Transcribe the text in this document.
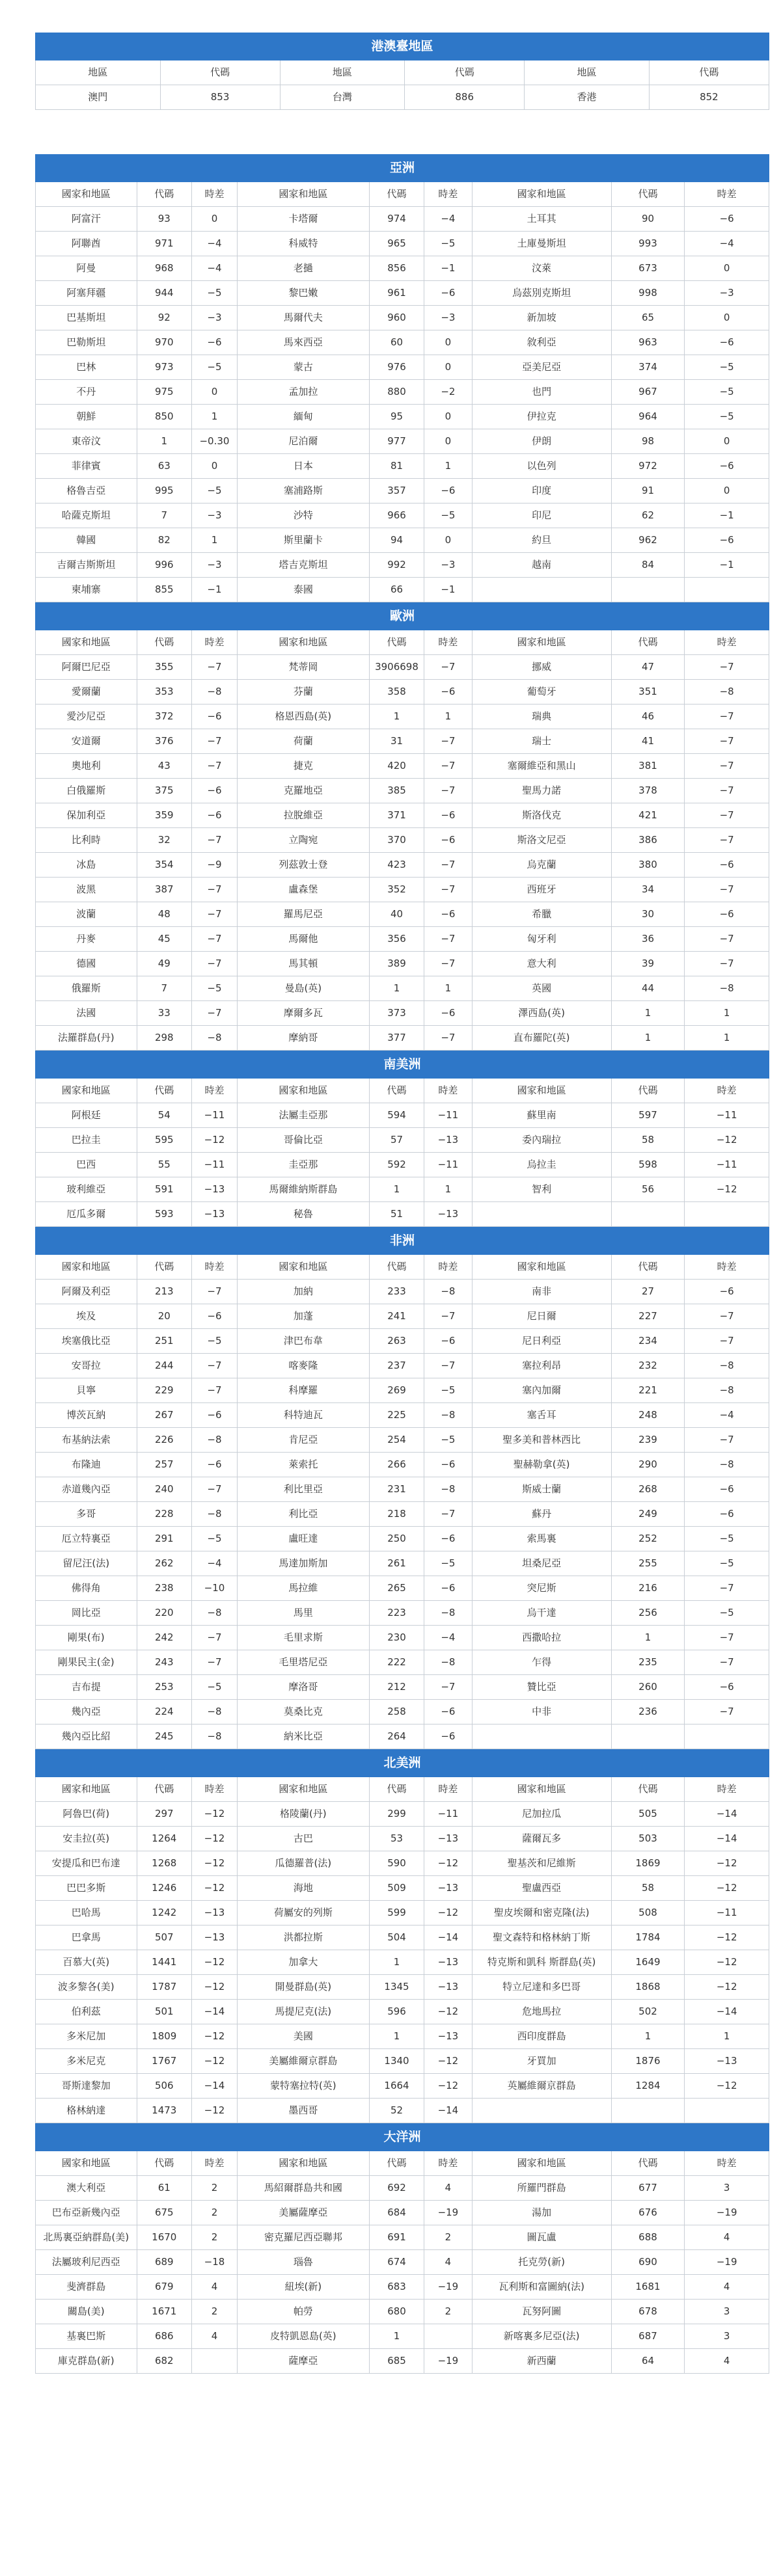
港澳臺地區					
地區	代碼	地區	代碼	地區	代碼
澳門	853	台灣	886	香港	852
亞洲								
國家和地區	代碼	時差	國家和地區	代碼	時差	國家和地區	代碼	時差
阿富汗	93	0	卡塔爾	974	−4	土耳其	90	−6
阿聯酋	971	−4	科威特	965	−5	土庫曼斯坦	993	−4
阿曼	968	−4	老撾	856	−1	汶萊	673	0
阿塞拜疆	944	−5	黎巴嫩	961	−6	烏茲別克斯坦	998	−3
巴基斯坦	92	−3	馬爾代夫	960	−3	新加坡	65	0
巴勒斯坦	970	−6	馬來西亞	60	0	敘利亞	963	−6
巴林	973	−5	蒙古	976	0	亞美尼亞	374	−5
不丹	975	0	孟加拉	880	−2	也門	967	−5
朝鮮	850	1	緬甸	95	0	伊拉克	964	−5
東帝汶	1	−0.30	尼泊爾	977	0	伊朗	98	0
菲律賓	63	0	日本	81	1	以色列	972	−6
格魯吉亞	995	−5	塞浦路斯	357	−6	印度	91	0
哈薩克斯坦	7	−3	沙特	966	−5	印尼	62	−1
韓國	82	1	斯里蘭卡	94	0	約旦	962	−6
吉爾吉斯斯坦	996	−3	塔吉克斯坦	992	−3	越南	84	−1
柬埔寨	855	−1	泰國	66	−1			
歐洲								
國家和地區	代碼	時差	國家和地區	代碼	時差	國家和地區	代碼	時差
阿爾巴尼亞	355	−7	梵蒂岡	3906698	−7	挪威	47	−7
愛爾蘭	353	−8	芬蘭	358	−6	葡萄牙	351	−8
愛沙尼亞	372	−6	格恩西島(英)	1	1	瑞典	46	−7
安道爾	376	−7	荷蘭	31	−7	瑞士	41	−7
奧地利	43	−7	捷克	420	−7	塞爾維亞和黑山	381	−7
白俄羅斯	375	−6	克羅地亞	385	−7	聖馬力諾	378	−7
保加利亞	359	−6	拉脫維亞	371	−6	斯洛伐克	421	−7
比利時	32	−7	立陶宛	370	−6	斯洛文尼亞	386	−7
冰島	354	−9	列茲敦士登	423	−7	烏克蘭	380	−6
波黑	387	−7	盧森堡	352	−7	西班牙	34	−7
波蘭	48	−7	羅馬尼亞	40	−6	希臘	30	−6
丹麥	45	−7	馬爾他	356	−7	匈牙利	36	−7
德國	49	−7	馬其頓	389	−7	意大利	39	−7
俄羅斯	7	−5	曼島(英)	1	1	英國	44	−8
法國	33	−7	摩爾多瓦	373	−6	澤西島(英)	1	1
法羅群島(丹)	298	−8	摩納哥	377	−7	直布羅陀(英)	1	1
南美洲								
國家和地區	代碼	時差	國家和地區	代碼	時差	國家和地區	代碼	時差
阿根廷	54	−11	法屬圭亞那	594	−11	蘇里南	597	−11
巴拉圭	595	−12	哥倫比亞	57	−13	委內瑞拉	58	−12
巴西	55	−11	圭亞那	592	−11	烏拉圭	598	−11
玻利維亞	591	−13	馬爾維納斯群島	1	1	智利	56	−12
厄瓜多爾	593	−13	秘魯	51	−13			
非洲								
國家和地區	代碼	時差	國家和地區	代碼	時差	國家和地區	代碼	時差
阿爾及利亞	213	−7	加納	233	−8	南非	27	−6
埃及	20	−6	加蓬	241	−7	尼日爾	227	−7
埃塞俄比亞	251	−5	津巴布韋	263	−6	尼日利亞	234	−7
安哥拉	244	−7	喀麥隆	237	−7	塞拉利昂	232	−8
貝寧	229	−7	科摩羅	269	−5	塞內加爾	221	−8
博茨瓦納	267	−6	科特迪瓦	225	−8	塞舌耳	248	−4
布基納法索	226	−8	肯尼亞	254	−5	聖多美和普林西比	239	−7
布隆迪	257	−6	萊索托	266	−6	聖赫勒拿(英)	290	−8
赤道幾內亞	240	−7	利比里亞	231	−8	斯威士蘭	268	−6
多哥	228	−8	利比亞	218	−7	蘇丹	249	−6
厄立特裏亞	291	−5	盧旺達	250	−6	索馬裏	252	−5
留尼汪(法)	262	−4	馬達加斯加	261	−5	坦桑尼亞	255	−5
佛得角	238	−10	馬拉維	265	−6	突尼斯	216	−7
岡比亞	220	−8	馬里	223	−8	烏干達	256	−5
剛果(布)	242	−7	毛里求斯	230	−4	西撒哈拉	1	−7
剛果民主(金)	243	−7	毛里塔尼亞	222	−8	乍得	235	−7
吉布提	253	−5	摩洛哥	212	−7	贊比亞	260	−6
幾內亞	224	−8	莫桑比克	258	−6	中非	236	−7
幾內亞比紹	245	−8	納米比亞	264	−6			
北美洲								
國家和地區	代碼	時差	國家和地區	代碼	時差	國家和地區	代碼	時差
阿魯巴(荷)	297	−12	格陵蘭(丹)	299	−11	尼加拉瓜	505	−14
安圭拉(英)	1264	−12	古巴	53	−13	薩爾瓦多	503	−14
安提瓜和巴布達	1268	−12	瓜德羅普(法)	590	−12	聖基茨和尼維斯	1869	−12
巴巴多斯	1246	−12	海地	509	−13	聖盧西亞	58	−12
巴哈馬	1242	−13	荷屬安的列斯	599	−12	聖皮埃爾和密克隆(法)	508	−11
巴拿馬	507	−13	洪都拉斯	504	−14	聖文森特和格林納丁斯	1784	−12
百慕大(英)	1441	−12	加拿大	1	−13	特克斯和凱科 斯群島(英)	1649	−12
波多黎各(美)	1787	−12	開曼群島(英)	1345	−13	特立尼達和多巴哥	1868	−12
伯利茲	501	−14	馬提尼克(法)	596	−12	危地馬拉	502	−14
多米尼加	1809	−12	美國	1	−13	西印度群島	1	1
多米尼克	1767	−12	美屬維爾京群島	1340	−12	牙買加	1876	−13
哥斯達黎加	506	−14	蒙特塞拉特(英)	1664	−12	英屬維爾京群島	1284	−12
格林納達	1473	−12	墨西哥	52	−14			
大洋洲								
國家和地區	代碼	時差	國家和地區	代碼	時差	國家和地區	代碼	時差
澳大利亞	61	2	馬紹爾群島共和國	692	4	所羅門群島	677	3
巴布亞新幾內亞	675	2	美屬薩摩亞	684	−19	湯加	676	−19
北馬裏亞納群島(美)	1670	2	密克羅尼西亞聯邦	691	2	圖瓦盧	688	4
法屬玻利尼西亞	689	−18	瑙魯	674	4	托克勞(新)	690	−19
斐濟群島	679	4	紐埃(新)	683	−19	瓦利斯和富圖納(法)	1681	4
關島(美)	1671	2	帕勞	680	2	瓦努阿圖	678	3
基裏巴斯	686	4	皮特凱恩島(英)	1		新喀裏多尼亞(法)	687	3
庫克群島(新)	682		薩摩亞	685	−19	新西蘭	64	4
